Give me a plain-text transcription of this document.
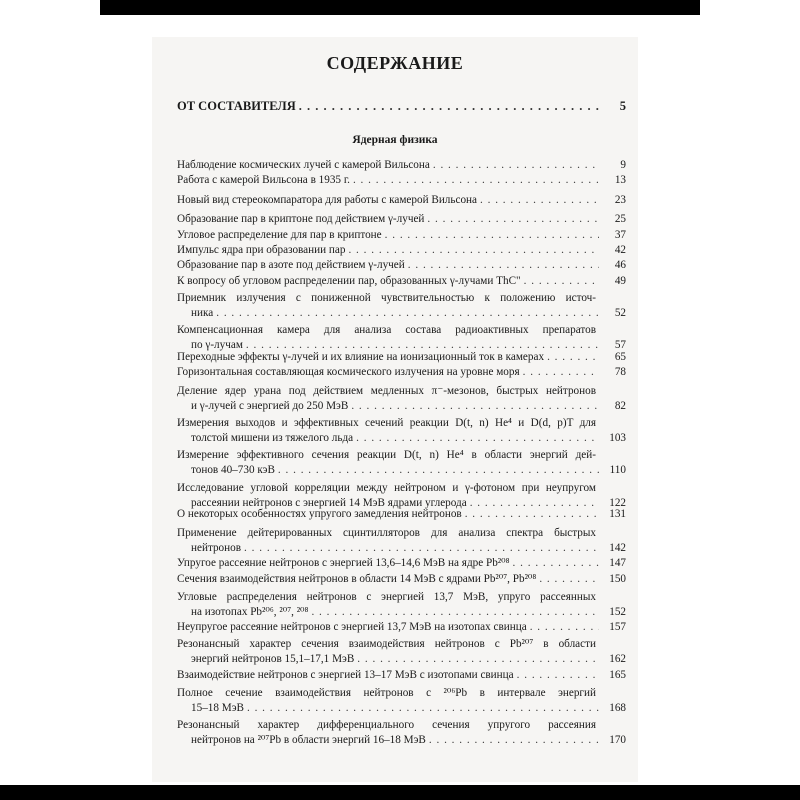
СОДЕРЖАНИЕ
ОТ СОСТАВИТЕЛЯ . . .	5
Ядерная физика
Наблюдение космических лучей с камерой Вильсона . . .	9
Работа с камерой Вильсона в 1935 г. . . .	13
Новый вид стереокомпаратора для работы с камерой Вильсона . . .	23
Образование пар в криптоне под действием γ-лучей . . .	25
Угловое распределение для пар в криптоне . . .	37
Импульс ядра при образовании пар . . .	42
Образование пар в азоте под действием γ-лучей . . .	46
К вопросу об угловом распределении пар, образованных γ-лучами ThC" . . .	49
Приемник излучения с пониженной чувствительностью к положению источ-
ника . . .	52
Компенсационная камера для анализа состава радиоактивных препаратов
по γ-лучам . . .	57
Переходные эффекты γ-лучей и их влияние на ионизационный ток в камерах . . .	65
Горизонтальная составляющая космического излучения на уровне моря . . .	78
Деление ядер урана под действием медленных π⁻-мезонов, быстрых нейтронов
и γ-лучей с энергией до 250 МэВ . . .	82
Измерения выходов и эффективных сечений реакции D(t, n) He⁴ и D(d, p)T для
толстой мишени из тяжелого льда . . .	103
Измерение эффективного сечения реакции D(t, n) He⁴ в области энергий дей-
тонов 40–730 кэВ . . .	110
Исследование угловой корреляции между нейтроном и γ-фотоном при неупругом
рассеянии нейтронов с энергией 14 МэВ ядрами углерода . . .	122
О некоторых особенностях упругого замедления нейтронов . . .	131
Применение дейтерированных сцинтилляторов для анализа спектра быстрых
нейтронов . . .	142
Упругое рассеяние нейтронов с энергией 13,6–14,6 МэВ на ядре Pb²⁰⁸ . . .	147
Сечения взаимодействия нейтронов в области 14 МэВ с ядрами Pb²⁰⁷, Pb²⁰⁸ . . .	150
Угловые распределения нейтронов с энергией 13,7 МэВ, упруго рассеянных
на изотопах Pb²⁰⁶, ²⁰⁷, ²⁰⁸ . . .	152
Неупругое рассеяние нейтронов с энергией 13,7 МэВ на изотопах свинца . . .	157
Резонансный характер сечения взаимодействия нейтронов с Pb²⁰⁷ в области
энергий нейтронов 15,1–17,1 МэВ . . .	162
Взаимодействие нейтронов с энергией 13–17 МэВ с изотопами свинца . . .	165
Полное сечение взаимодействия нейтронов с ²⁰⁶Pb в интервале энергий
15–18 МэВ . . .	168
Резонансный характер дифференциального сечения упругого рассеяния
нейтронов на ²⁰⁷Pb в области энергий 16–18 МэВ . . .	170
